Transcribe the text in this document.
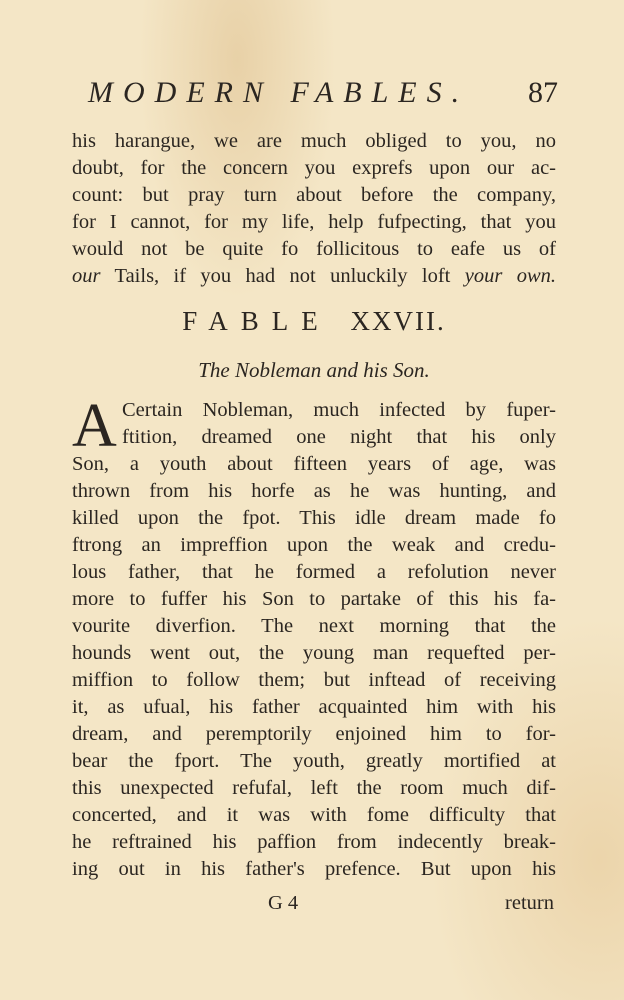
MODERN FABLES. 87
his harangue, we are much obliged to you, no
doubt, for the concern you exprefs upon our ac-
count: but pray turn about before the company,
for I cannot, for my life, help fufpecting, that you
would not be quite fo follicitous to eafe us of
our Tails, if you had not unluckily loft your own.
FABLE XXVII.
The Nobleman and his Son.
A Certain Nobleman, much infected by fuper-
ftition, dreamed one night that his only
Son, a youth about fifteen years of age, was
thrown from his horfe as he was hunting, and
killed upon the fpot. This idle dream made fo
ftrong an impreffion upon the weak and credu-
lous father, that he formed a refolution never
more to fuffer his Son to partake of this his fa-
vourite diverfion. The next morning that the
hounds went out, the young man requefted per-
miffion to follow them; but inftead of receiving
it, as ufual, his father acquainted him with his
dream, and peremptorily enjoined him to for-
bear the fport. The youth, greatly mortified at
this unexpected refufal, left the room much dif-
concerted, and it was with fome difficulty that
he reftrained his paffion from indecently break-
ing out in his father's prefence. But upon his
G 4	return
